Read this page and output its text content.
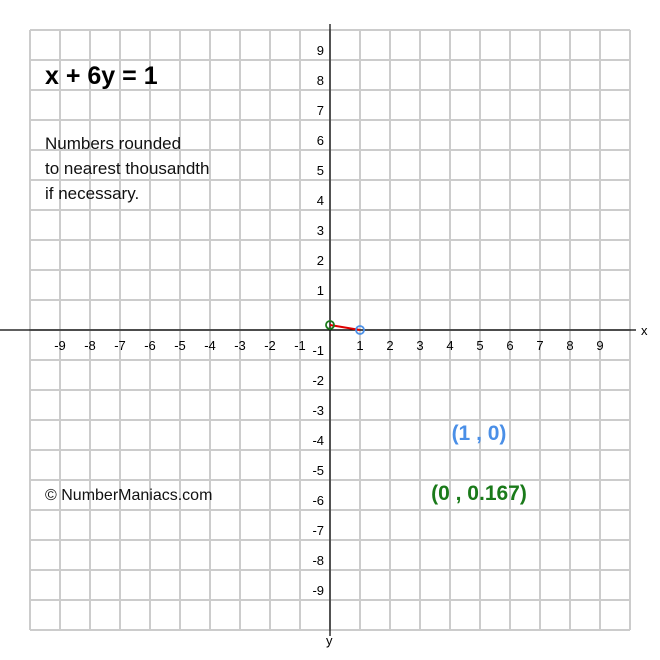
-9 -8 -7 -6 -5 -4 -3 -2 -1	1 2 3 4 5 6 7 8 9
9
8
7
6
5
4
3
2
1
-1
-2
-3
-4
-5
-6
-7
-8
-9
x
y
x + 6y = 1
Numbers rounded
to nearest thousandth
if necessary.
(1 , 0)
(0 , 0.167)
© NumberManiacs.com
